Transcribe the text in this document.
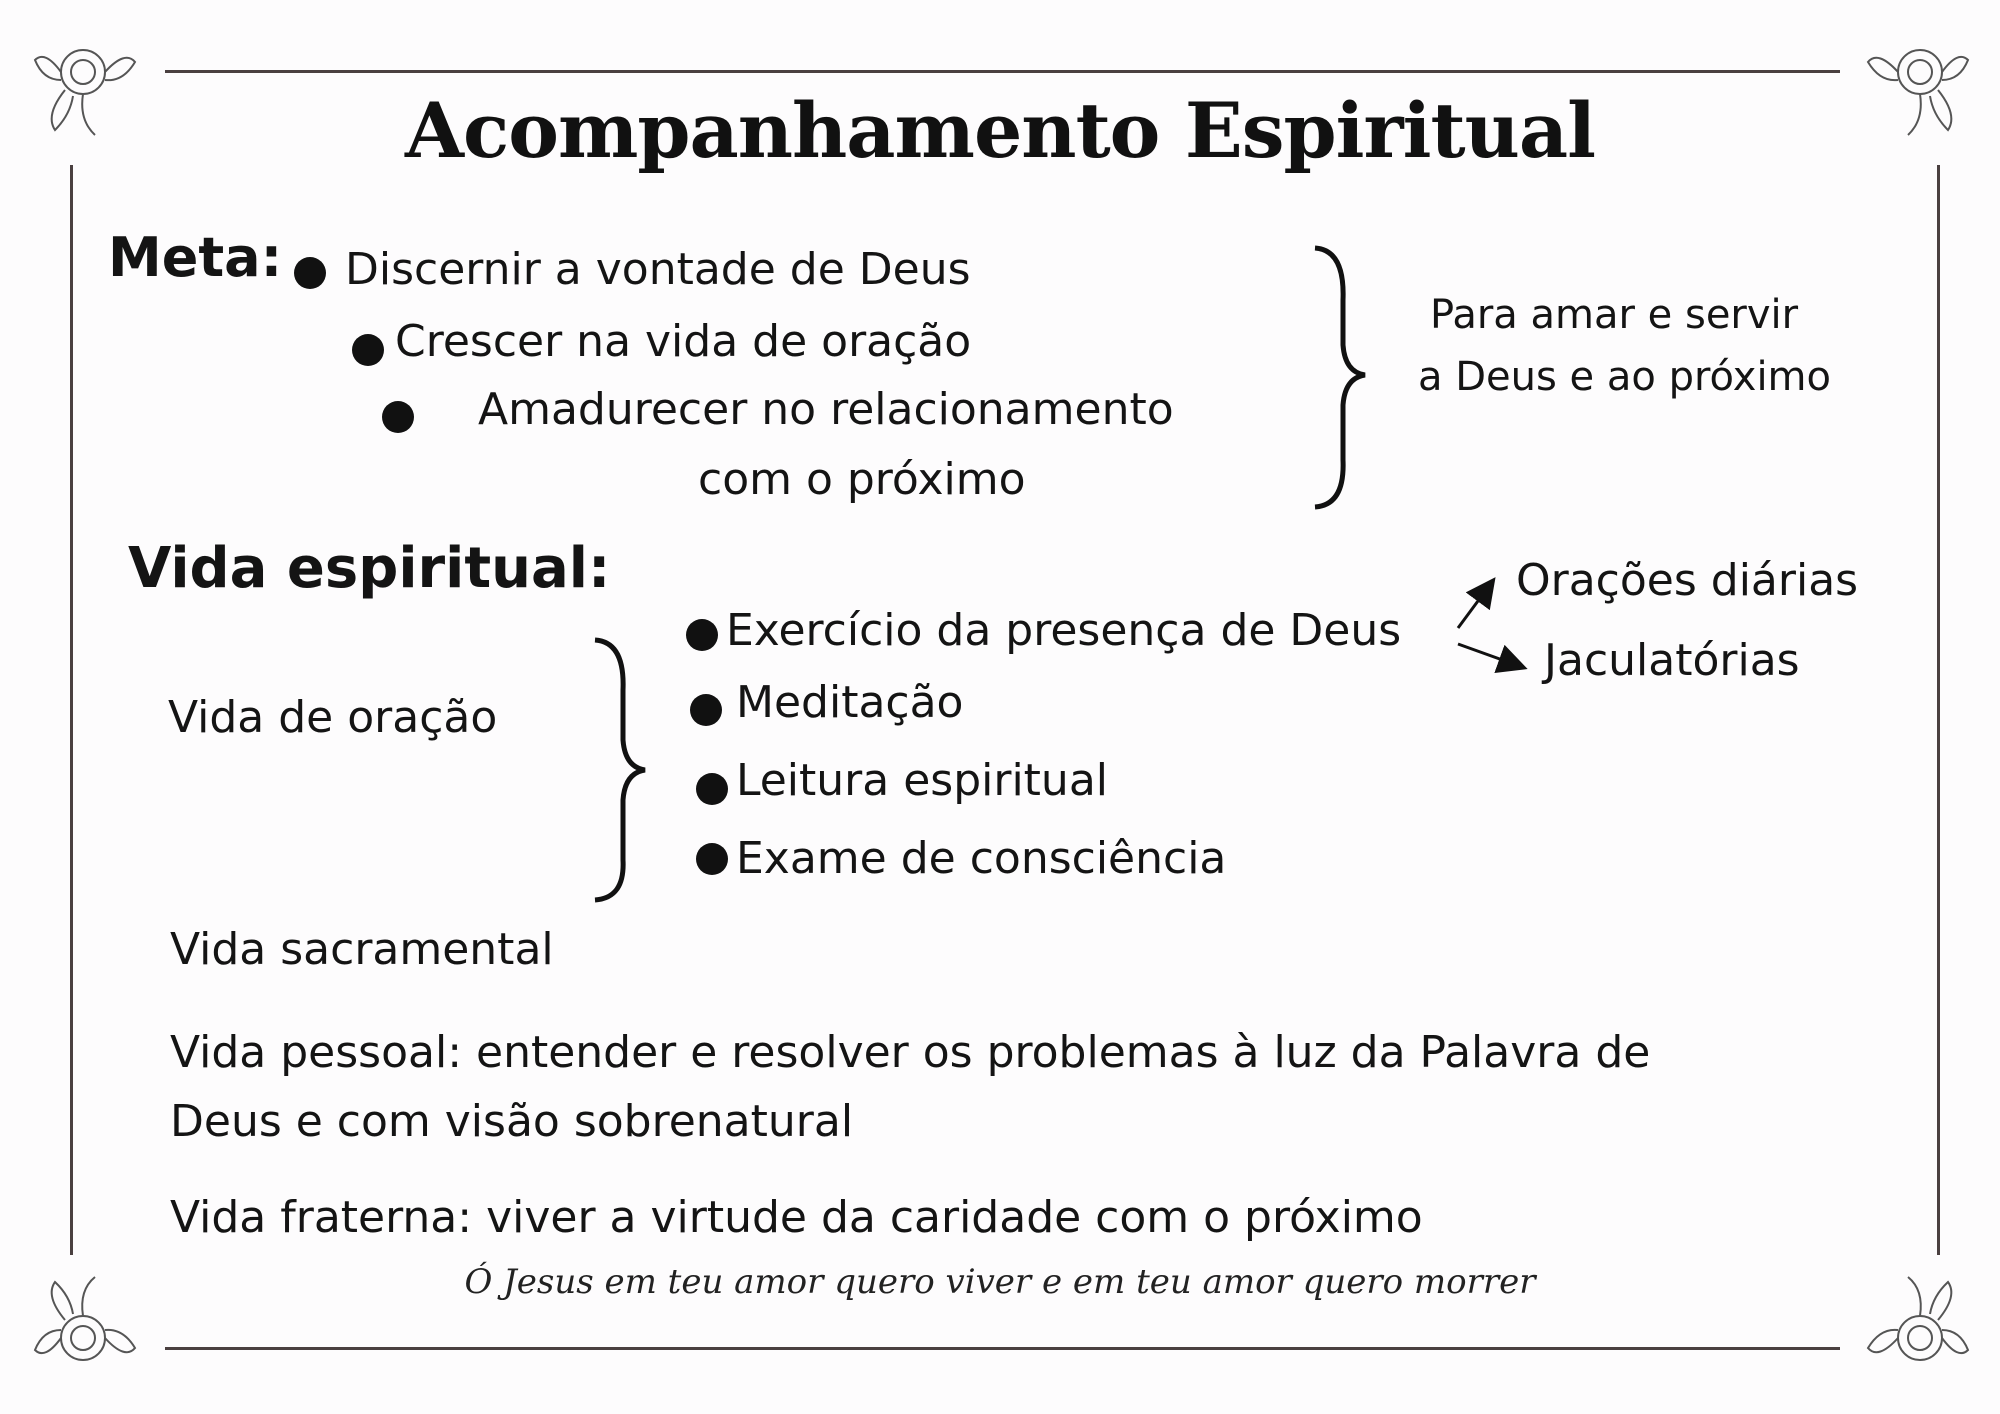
Acompanhamento Espiritual
Meta: Discernir a vontade de Deus
Crescer na vida de oração
Amadurecer no relacionamento
com o próximo
Para amar e servir
a Deus e ao próximo
Vida espiritual:
Vida de oração
Exercício da presença de Deus
Meditação
Leitura espiritual
Exame de consciência
Orações diárias
Jaculatórias
Vida sacramental
Vida pessoal: entender e resolver os problemas à luz da Palavra de
Deus e com visão sobrenatural
Vida fraterna: viver a virtude da caridade com o próximo
Ó Jesus em teu amor quero viver e em teu amor quero morrer
